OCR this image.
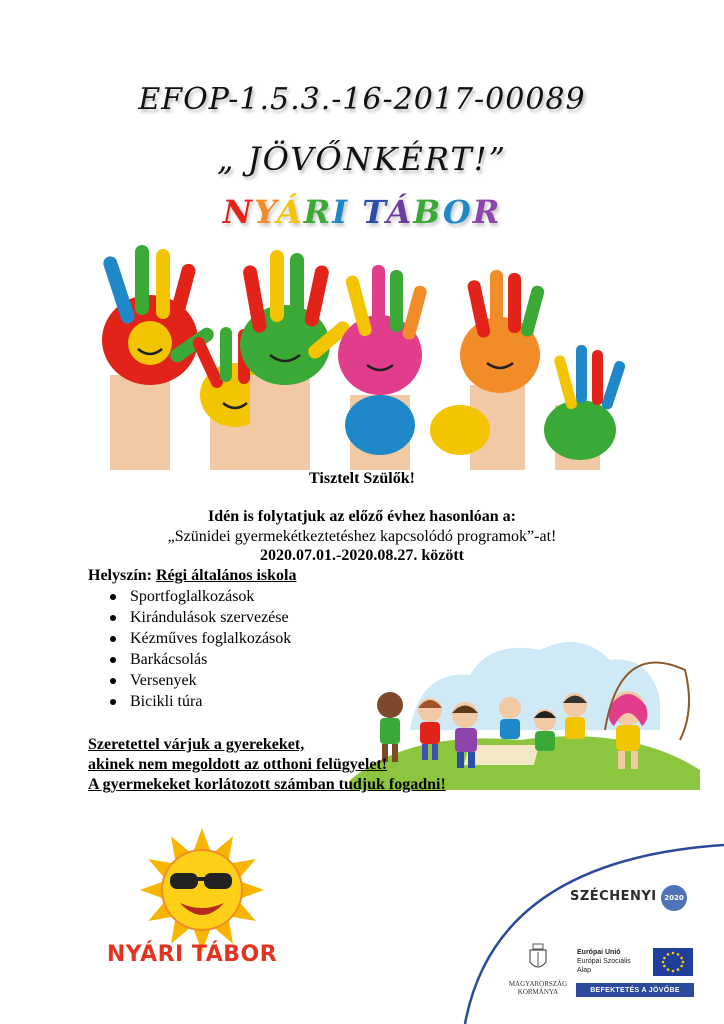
EFOP-1.5.3.-16-2017-00089
„ JÖVŐNKÉRT!”
NYÁRI TÁBOR
Tisztelt Szülők!
Idén is folytatjuk az előző évhez hasonlóan a:
„Szünidei gyermekétkeztetéshez kapcsolódó programok”-at!
2020.07.01.-2020.08.27. között
Helyszín: Régi általános iskola
Sportfoglalkozások
Kirándulások szervezése
Kézműves foglalkozások
Barkácsolás
Versenyek
Bicikli túra
Szeretettel várjuk a gyerekeket,
akinek nem megoldott az otthoni felügyelet!
A gyermekeket korlátozott számban tudjuk fogadni!
NYÁRI TÁBOR
SZÉCHENYI	2020
MAGYARORSZÁG
KORMÁNYA
Európai Unió
Európai Szociális
Alap
BEFEKTETÉS A JÖVŐBE
